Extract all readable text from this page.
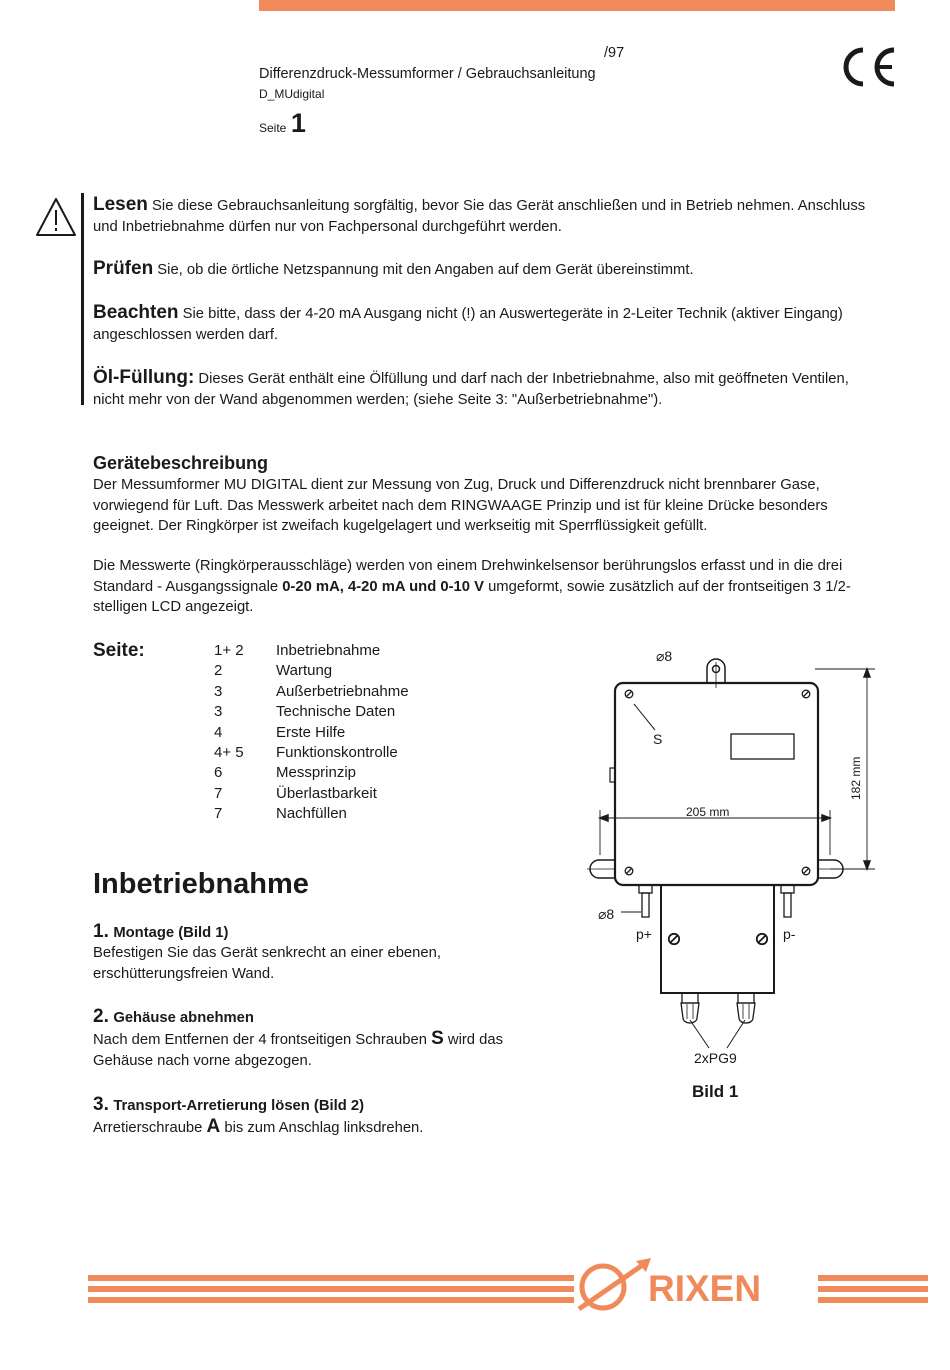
/97
Differenzdruck-Messumformer / Gebrauchsanleitung
D_MUdigital
Seite 1
Lesen Sie diese Gebrauchsanleitung sorgfältig, bevor Sie das Gerät anschließen und in Betrieb nehmen. Anschluss und Inbetriebnahme dürfen nur von Fachpersonal durchgeführt werden.
Prüfen Sie, ob die örtliche Netzspannung mit den Angaben auf dem Gerät übereinstimmt.
Beachten Sie bitte, dass der 4-20 mA Ausgang nicht (!) an Auswertegeräte in 2-Leiter Technik (aktiver Eingang) angeschlossen werden darf.
Öl-Füllung: Dieses Gerät enthält eine Ölfüllung und darf nach der Inbetriebnahme, also mit geöffneten Ventilen, nicht mehr von der Wand abgenommen werden; (siehe Seite 3: "Außerbetriebnahme").
Gerätebeschreibung
Der Messumformer MU DIGITAL dient zur Messung von Zug, Druck und Differenzdruck nicht brennbarer Gase, vorwiegend für Luft. Das Messwerk arbeitet nach dem RINGWAAGE Prinzip und ist für kleine Drücke besonders geeignet. Der Ringkörper ist zweifach kugelgelagert und werkseitig mit Sperrflüssigkeit gefüllt.
Die Messwerte (Ringkörperausschläge) werden von einem Drehwinkelsensor berührungslos erfasst und in die drei Standard - Ausgangssignale 0-20 mA, 4-20 mA und 0-10 V umgeformt, sowie zusätzlich auf der frontseitigen 3 1/2-stelligen LCD angezeigt.
Seite:	1+ 2 Inbetriebnahme
2	Wartung
3	Außerbetriebnahme
3	Technische Daten
4	Erste Hilfe
4+ 5 Funktionskontrolle
6	Messprinzip
7	Überlastbarkeit
7	Nachfüllen
Inbetriebnahme
1. Montage (Bild 1)
Befestigen Sie das Gerät senkrecht an einer ebenen, erschütterungsfreien Wand.
2. Gehäuse abnehmen
Nach dem Entfernen der 4 frontseitigen Schrauben S wird das Gehäuse nach vorne abgezogen.
3. Transport-Arretierung lösen (Bild 2)
Arretierschraube A bis zum Anschlag linksdrehen.
⌀8
S
205 mm
182 mm
⌀8
p+	p-
2xPG9
Bild 1
RIXEN
